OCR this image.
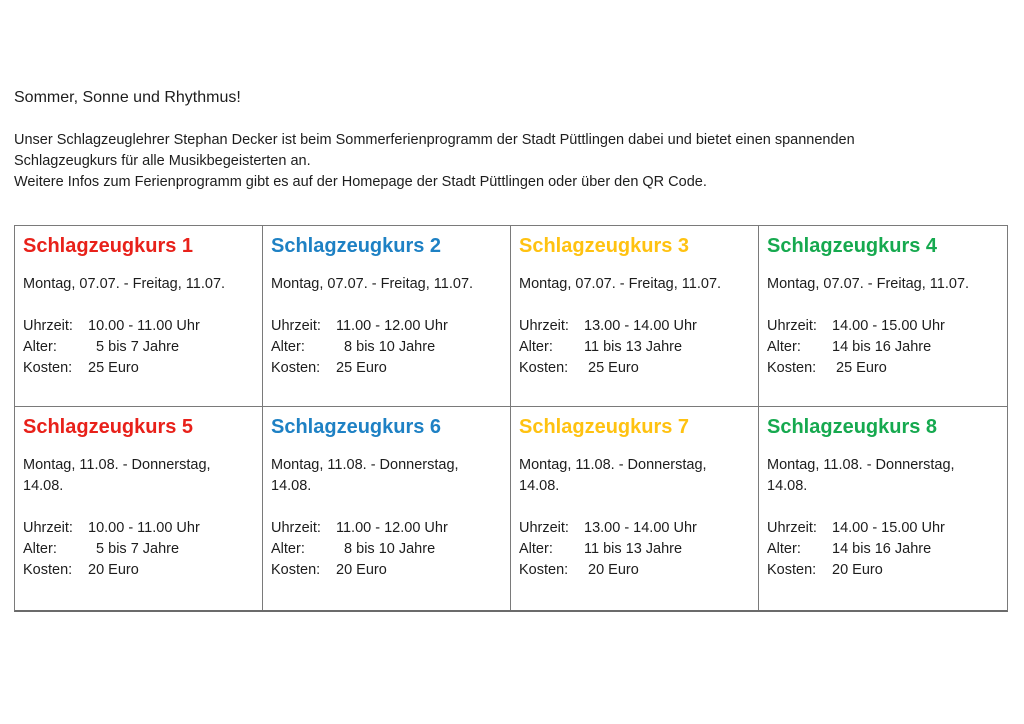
Sommer, Sonne und Rhythmus!
Unser Schlagzeuglehrer Stephan Decker ist beim Sommerferienprogramm der Stadt Püttlingen dabei und bietet einen spannenden
Schlagzeugkurs für alle Musikbegeisterten an.
Weitere Infos zum Ferienprogramm gibt es auf der Homepage der Stadt Püttlingen oder über den QR Code.
Schlagzeugkurs 1
Montag, 07.07. - Freitag, 11.07.
Uhrzeit:	10.00 - 11.00 Uhr
Alter:	5 bis 7 Jahre
Kosten:	25 Euro
Schlagzeugkurs 2
Montag, 07.07. - Freitag, 11.07.
Uhrzeit:	11.00 - 12.00 Uhr
Alter:	8 bis 10 Jahre
Kosten:	25 Euro
Schlagzeugkurs 3
Montag, 07.07. - Freitag, 11.07.
Uhrzeit:	13.00 - 14.00 Uhr
Alter:	11 bis 13 Jahre
Kosten:	25 Euro
Schlagzeugkurs 4
Montag, 07.07. - Freitag, 11.07.
Uhrzeit:	14.00 - 15.00 Uhr
Alter:	14 bis 16 Jahre
Kosten:	25 Euro
Schlagzeugkurs 5
Montag, 11.08. - Donnerstag,
14.08.
Uhrzeit:	10.00 - 11.00 Uhr
Alter:	5 bis 7 Jahre
Kosten:	20 Euro
Schlagzeugkurs 6
Montag, 11.08. - Donnerstag,
14.08.
Uhrzeit:	11.00 - 12.00 Uhr
Alter:	8 bis 10 Jahre
Kosten:	20 Euro
Schlagzeugkurs 7
Montag, 11.08. - Donnerstag,
14.08.
Uhrzeit:	13.00 - 14.00 Uhr
Alter:	11 bis 13 Jahre
Kosten:	20 Euro
Schlagzeugkurs 8
Montag, 11.08. - Donnerstag,
14.08.
Uhrzeit:	14.00 - 15.00 Uhr
Alter:	14 bis 16 Jahre
Kosten:	20 Euro
